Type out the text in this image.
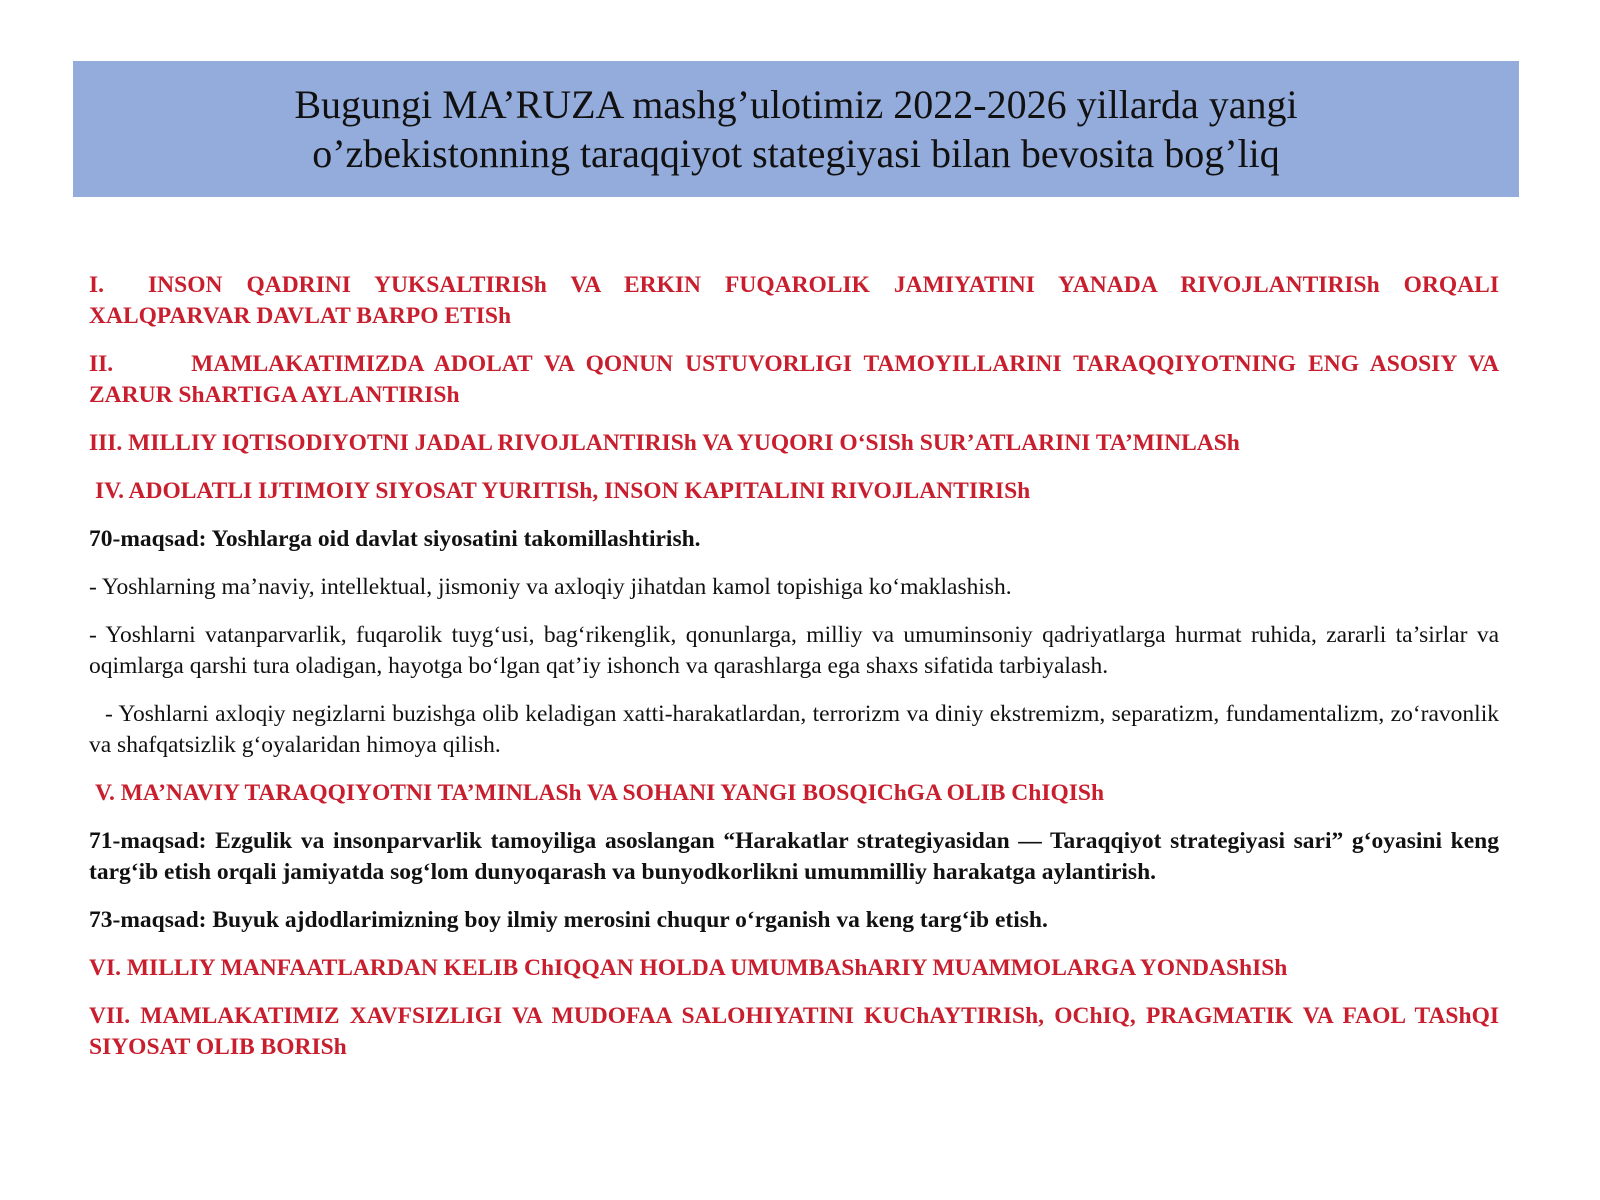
Bugungi MA’RUZA mashg’ulotimiz 2022-2026 yillarda yangi
o’zbekistonning taraqqiyot stategiyasi bilan bevosita bog’liq

I. INSON QADRINI YUKSALTIRISh VA ERKIN FUQAROLIK JAMIYATINI YANADA RIVOJLANTIRISh ORQALI XALQPARVAR DAVLAT BARPO ETISh

II.	MAMLAKATIMIZDA ADOLAT VA QONUN USTUVORLIGI TAMOYILLARINI TARAQQIYOTNING ENG ASOSIY VA ZARUR ShARTIGA AYLANTIRISh

III. MILLIY IQTISODIYOTNI JADAL RIVOJLANTIRISh VA YUQORI O‘SISh SUR’ATLARINI TA’MINLASh

IV. ADOLATLI IJTIMOIY SIYOSAT YURITISh, INSON KAPITALINI RIVOJLANTIRISh

70-maqsad: Yoshlarga oid davlat siyosatini takomillashtirish.

- Yoshlarning ma’naviy, intellektual, jismoniy va axloqiy jihatdan kamol topishiga ko‘maklashish.

- Yoshlarni vatanparvarlik, fuqarolik tuyg‘usi, bag‘rikenglik, qonunlarga, milliy va umuminsoniy qadriyatlarga hurmat ruhida, zararli ta’sirlar va oqimlarga qarshi tura oladigan, hayotga bo‘lgan qat’iy ishonch va qarashlarga ega shaxs sifatida tarbiyalash.

- Yoshlarni axloqiy negizlarni buzishga olib keladigan xatti-harakatlardan, terrorizm va diniy ekstremizm, separatizm, fundamentalizm, zo‘ravonlik va shafqatsizlik g‘oyalaridan himoya qilish.

V. MA’NAVIY TARAQQIYOTNI TA’MINLASh VA SOHANI YANGI BOSQIChGA OLIB ChIQISh

71-maqsad: Ezgulik va insonparvarlik tamoyiliga asoslangan “Harakatlar strategiyasidan — Taraqqiyot strategiyasi sari” g‘oyasini keng targ‘ib etish orqali jamiyatda sog‘lom dunyoqarash va bunyodkorlikni umummilliy harakatga aylantirish.

73-maqsad: Buyuk ajdodlarimizning boy ilmiy merosini chuqur o‘rganish va keng targ‘ib etish.

VI. MILLIY MANFAATLARDAN KELIB ChIQQAN HOLDA UMUMBAShARIY MUAMMOLARGA YONDAShISh

VII. MAMLAKATIMIZ XAVFSIZLIGI VA MUDOFAA SALOHIYATINI KUChAYTIRISh, OChIQ, PRAGMATIK VA FAOL TAShQI SIYOSAT OLIB BORISh
